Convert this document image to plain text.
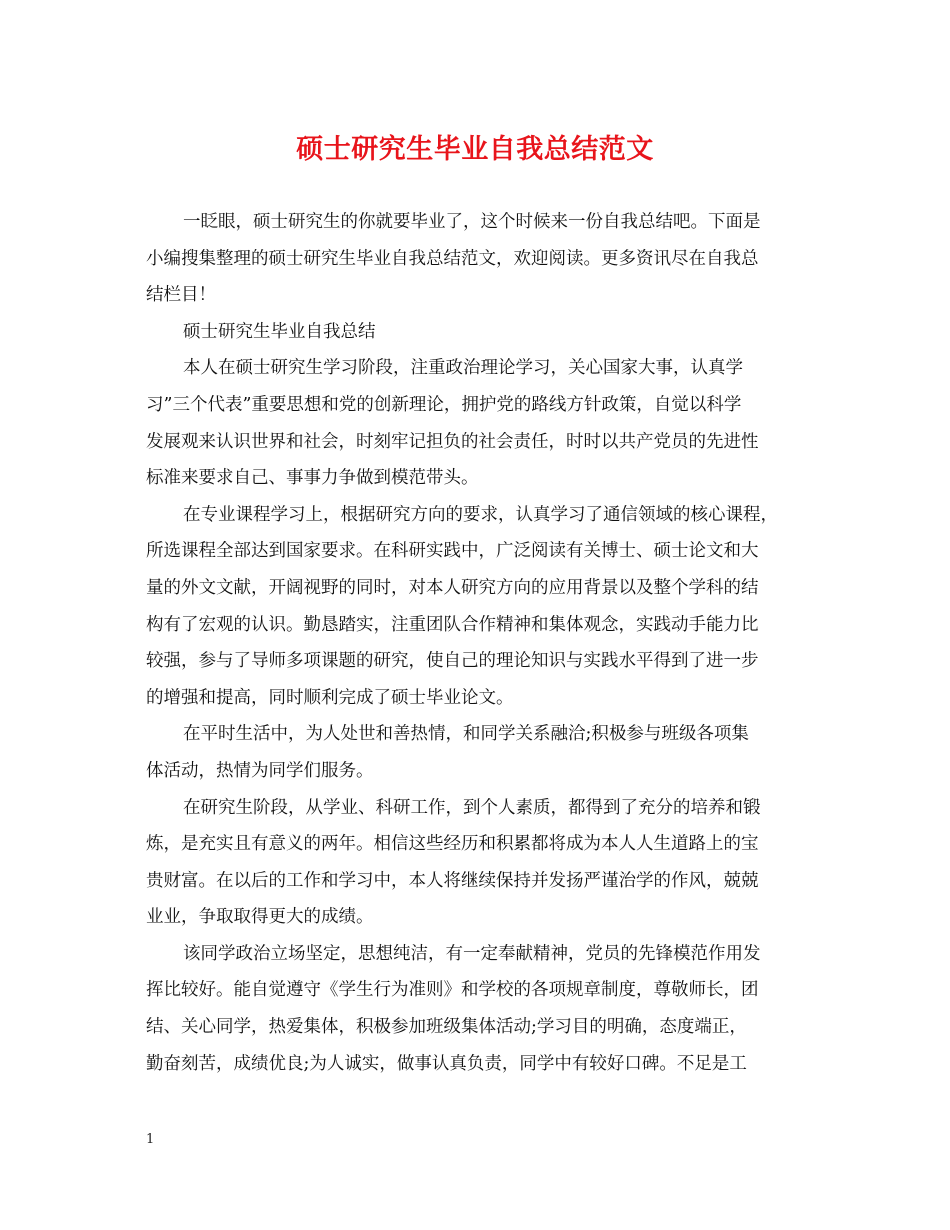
硕士研究生毕业自我总结范文
一眨眼，硕士研究生的你就要毕业了，这个时候来一份自我总结吧。下面是
小编搜集整理的硕士研究生毕业自我总结范文，欢迎阅读。更多资讯尽在自我总
结栏目！
硕士研究生毕业自我总结
本人在硕士研究生学习阶段，注重政治理论学习，关心国家大事，认真学
习”三个代表”重要思想和党的创新理论，拥护党的路线方针政策，自觉以科学
发展观来认识世界和社会，时刻牢记担负的社会责任，时时以共产党员的先进性
标准来要求自己、事事力争做到模范带头。
在专业课程学习上，根据研究方向的要求，认真学习了通信领域的核心课程，
所选课程全部达到国家要求。在科研实践中，广泛阅读有关博士、硕士论文和大
量的外文文献，开阔视野的同时，对本人研究方向的应用背景以及整个学科的结
构有了宏观的认识。勤恳踏实，注重团队合作精神和集体观念，实践动手能力比
较强，参与了导师多项课题的研究，使自己的理论知识与实践水平得到了进一步
的增强和提高，同时顺利完成了硕士毕业论文。
在平时生活中，为人处世和善热情，和同学关系融洽;积极参与班级各项集
体活动，热情为同学们服务。
在研究生阶段，从学业、科研工作，到个人素质，都得到了充分的培养和锻
炼，是充实且有意义的两年。相信这些经历和积累都将成为本人人生道路上的宝
贵财富。在以后的工作和学习中，本人将继续保持并发扬严谨治学的作风，兢兢
业业，争取取得更大的成绩。
该同学政治立场坚定，思想纯洁，有一定奉献精神，党员的先锋模范作用发
挥比较好。能自觉遵守《学生行为准则》和学校的各项规章制度，尊敬师长，团
结、关心同学，热爱集体，积极参加班级集体活动;学习目的明确，态度端正，
勤奋刻苦，成绩优良;为人诚实，做事认真负责，同学中有较好口碑。不足是工
1
